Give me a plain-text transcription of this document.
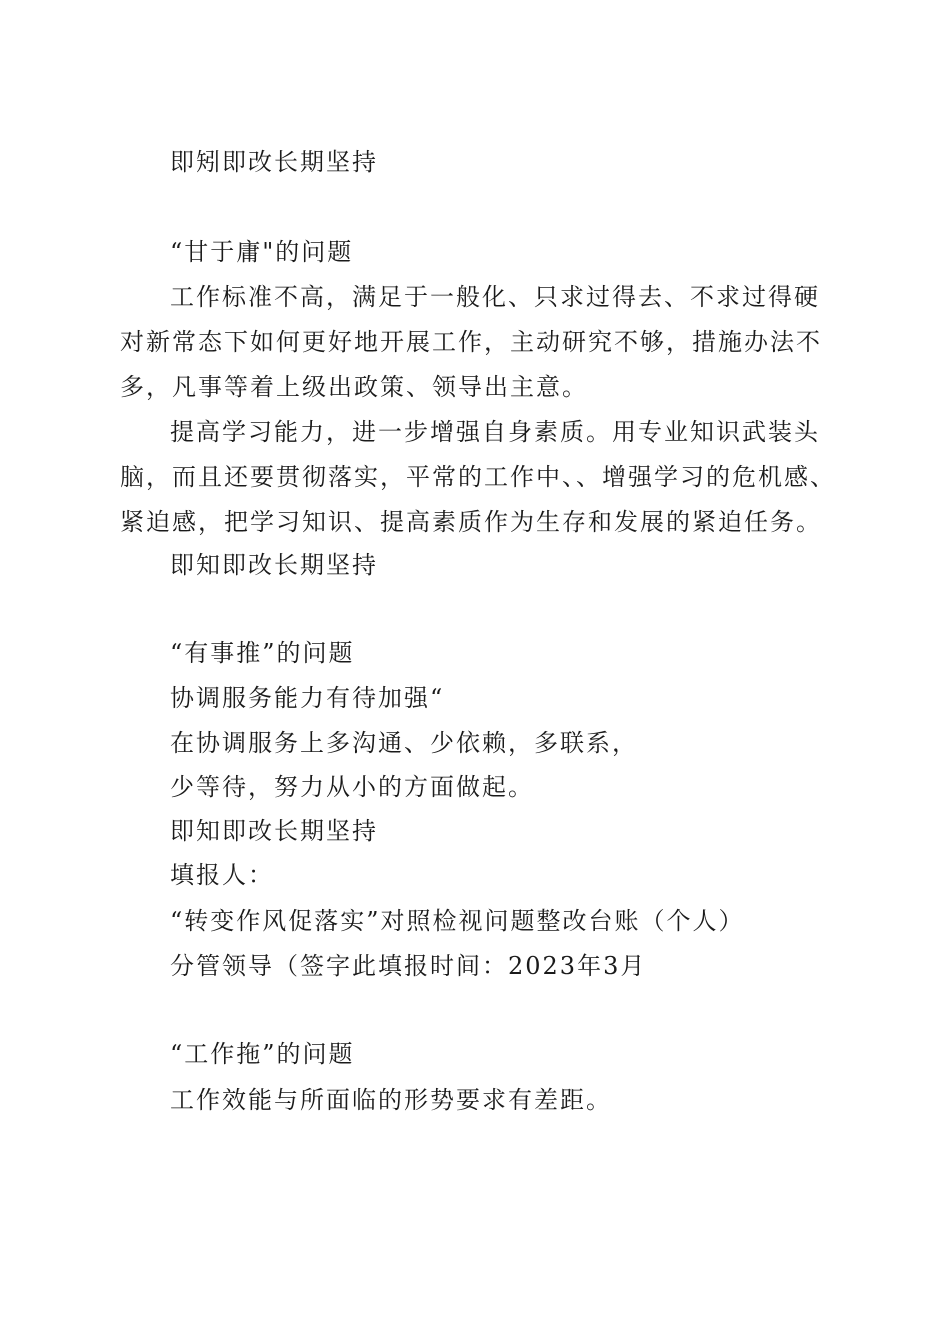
即矧即改长期坚持
“甘于庸"的问题
工作标准不高，满足于一般化、只求过得去、不求过得硬
对新常态下如何更好地开展工作，主动研究不够，措施办法不
多，凡事等着上级出政策、领导出主意。
提高学习能力，进一步增强自身素质。用专业知识武装头
脑，而且还要贯彻落实，平常的工作中、、增强学习的危机感、
紧迫感，把学习知识、提高素质作为生存和发展的紧迫任务。
即知即改长期坚持
“有事推”的问题
协调服务能力有待加强“
在协调服务上多沟通、少依赖，多联系，
少等待，努力从小的方面做起。
即知即改长期坚持
填报人：
“转变作风促落实”对照检视问题整改台账（个人）
分管领导（签字此填报时间：2023年3月
“工作拖”的问题
工作效能与所面临的形势要求有差距。
